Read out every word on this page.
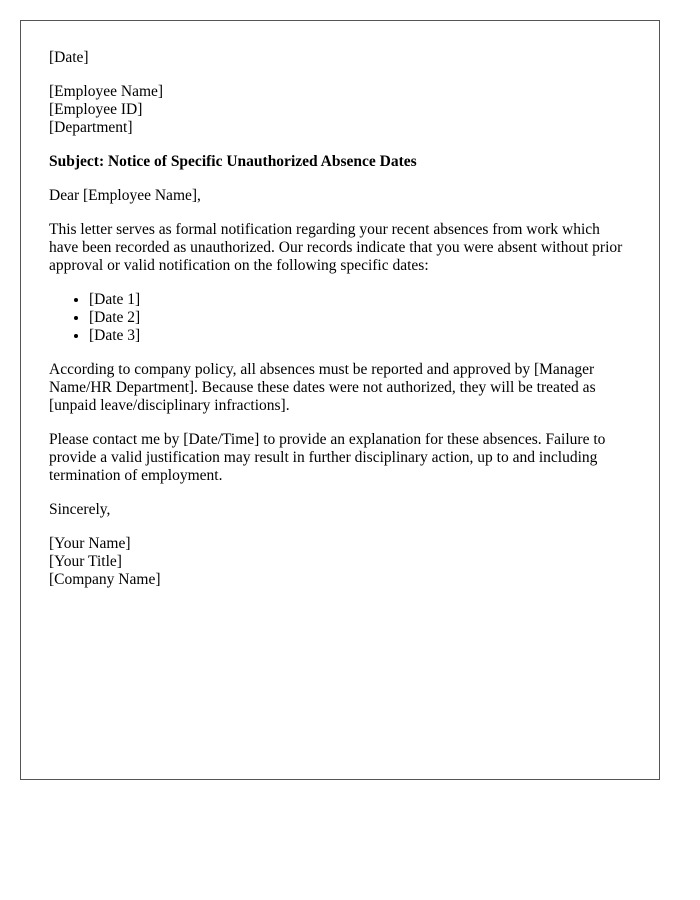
[Date]

[Employee Name]
[Employee ID]
[Department]

Subject: Notice of Specific Unauthorized Absence Dates

Dear [Employee Name],

This letter serves as formal notification regarding your recent absences from work which have been recorded as unauthorized. Our records indicate that you were absent without prior approval or valid notification on the following specific dates:

• [Date 1]
• [Date 2]
• [Date 3]

According to company policy, all absences must be reported and approved by [Manager Name/HR Department]. Because these dates were not authorized, they will be treated as [unpaid leave/disciplinary infractions].

Please contact me by [Date/Time] to provide an explanation for these absences. Failure to provide a valid justification may result in further disciplinary action, up to and including termination of employment.

Sincerely,

[Your Name]
[Your Title]
[Company Name]
